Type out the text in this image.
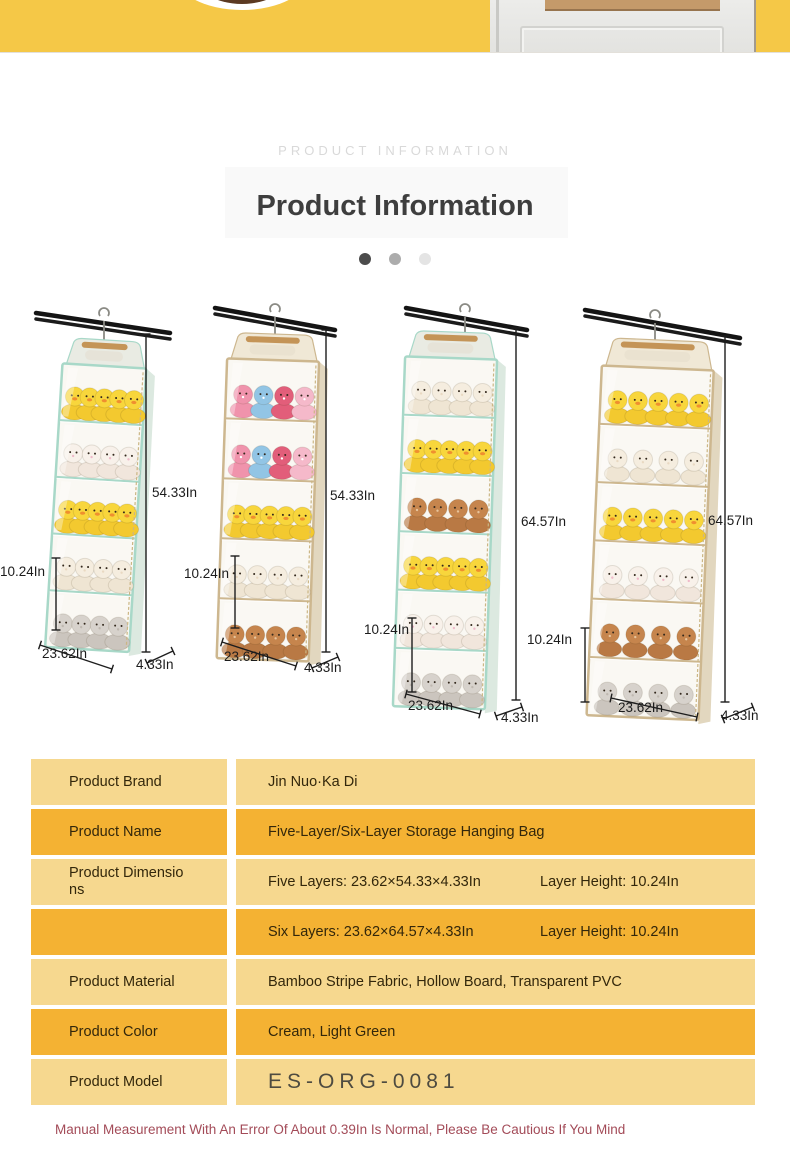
PRODUCT INFORMATION
Product Information

54.33In
10.24In
23.62In
4.33In
54.33In
10.24In
23.62In
4.33In
64.57In
10.24In
23.62In
4.33In
64.57In
10.24In
23.62In
4.33In
Product Brand	Jin Nuo·Ka Di
Product Name	Five-Layer/Six-Layer Storage Hanging Bag
Product Dimensions	Five Layers: 23.62×54.33×4.33In	Layer Height: 10.24In
Six Layers: 23.62×64.57×4.33In	Layer Height: 10.24In
Product Material	Bamboo Stripe Fabric, Hollow Board, Transparent PVC
Product Color	Cream, Light Green
Product Model	ES-ORG-0081
Manual Measurement With An Error Of About 0.39In Is Normal, Please Be Cautious If You Mind
